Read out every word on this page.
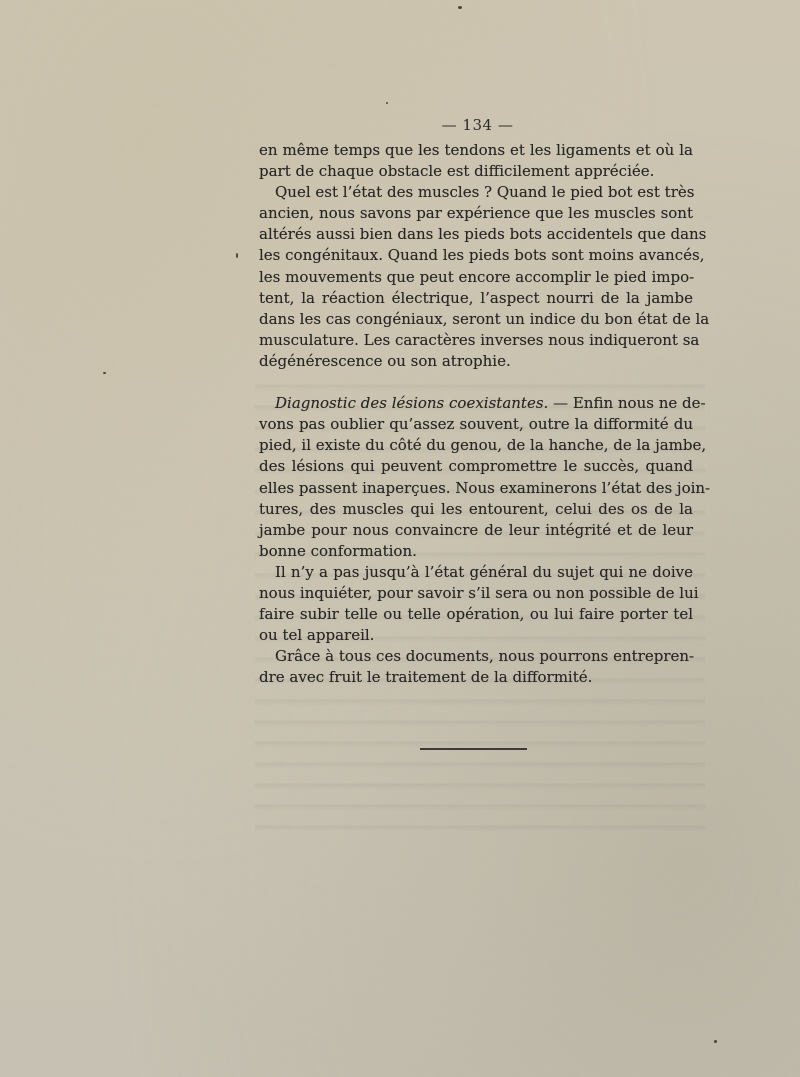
— 134 —
en même temps que les tendons et les ligaments et où la
part de chaque obstacle est difficilement appréciée.
Quel est l’état des muscles ? Quand le pied bot est très
ancien, nous savons par expérience que les muscles sont
altérés aussi bien dans les pieds bots accidentels que dans
les congénitaux. Quand les pieds bots sont moins avancés,
les mouvements que peut encore accomplir le pied impo-
tent, la réaction électrique, l’aspect nourri de la jambe
dans les cas congéniaux, seront un indice du bon état de la
musculature. Les caractères inverses nous indiqueront sa
dégénérescence ou son atrophie.
Diagnostic des lésions coexistantes. — Enfin nous ne de-
vons pas oublier qu’assez souvent, outre la difformité du
pied, il existe du côté du genou, de la hanche, de la jambe,
des lésions qui peuvent compromettre le succès, quand
elles passent inaperçues. Nous examinerons l’état des join-
tures, des muscles qui les entourent, celui des os de la
jambe pour nous convaincre de leur intégrité et de leur
bonne conformation.
Il n’y a pas jusqu’à l’état général du sujet qui ne doive
nous inquiéter, pour savoir s’il sera ou non possible de lui
faire subir telle ou telle opération, ou lui faire porter tel
ou tel appareil.
Grâce à tous ces documents, nous pourrons entrepren-
dre avec fruit le traitement de la difformité.
